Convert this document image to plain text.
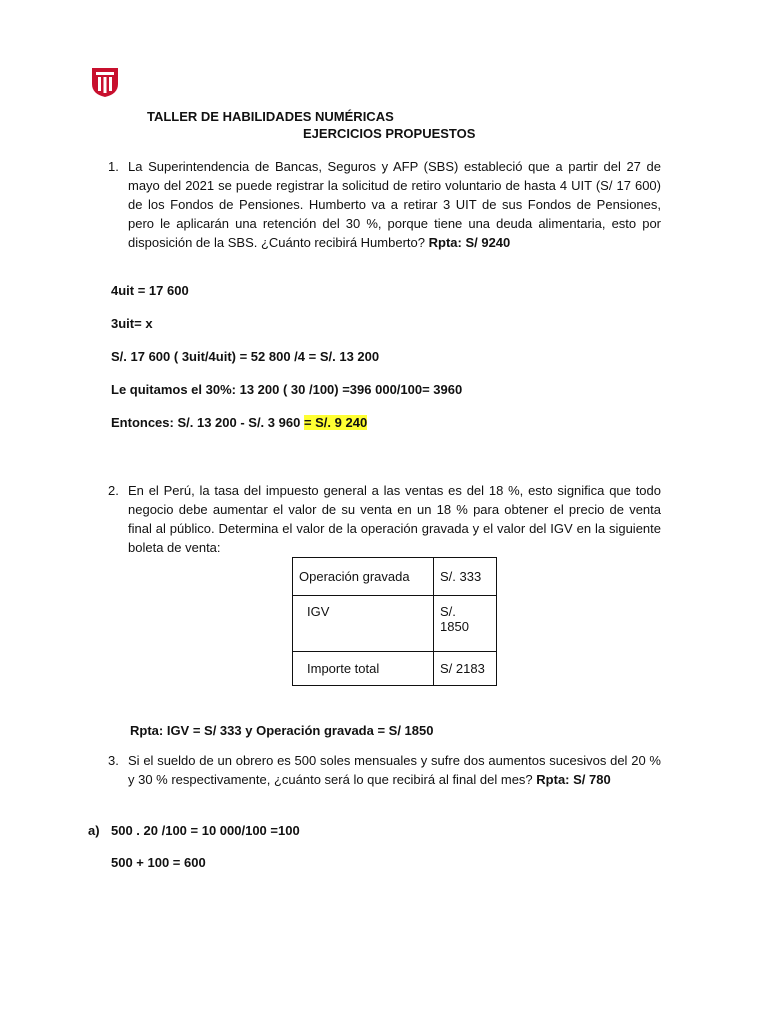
TALLER DE HABILIDADES NUMÉRICAS
EJERCICIOS PROPUESTOS
1. La Superintendencia de Bancas, Seguros y AFP (SBS) estableció que a partir del 27 de mayo del 2021 se puede registrar la solicitud de retiro voluntario de hasta 4 UIT (S/ 17 600) de los Fondos de Pensiones. Humberto va a retirar 3 UIT de sus Fondos de Pensiones, pero le aplicarán una retención del 30 %, porque tiene una deuda alimentaria, esto por disposición de la SBS. ¿Cuánto recibirá Humberto? Rpta: S/ 9240
4uit = 17 600
3uit= x
S/. 17 600 ( 3uit/4uit) = 52 800 /4 = S/. 13 200
Le quitamos el 30%: 13 200 ( 30 /100) =396 000/100= 3960
Entonces: S/. 13 200 - S/. 3 960 = S/. 9 240
2. En el Perú, la tasa del impuesto general a las ventas es del 18 %, esto significa que todo negocio debe aumentar el valor de su venta en un 18 % para obtener el precio de venta final al público. Determina el valor de la operación gravada y el valor del IGV en la siguiente boleta de venta:
Operación gravada	S/. 333
IGV	S/. 1850
Importe total	S/ 2183
Rpta: IGV = S/ 333 y Operación gravada = S/ 1850
3. Si el sueldo de un obrero es 500 soles mensuales y sufre dos aumentos sucesivos del 20 % y 30 % respectivamente, ¿cuánto será lo que recibirá al final del mes? Rpta: S/ 780
a) 500 . 20 /100 = 10 000/100 =100
500 + 100 = 600
